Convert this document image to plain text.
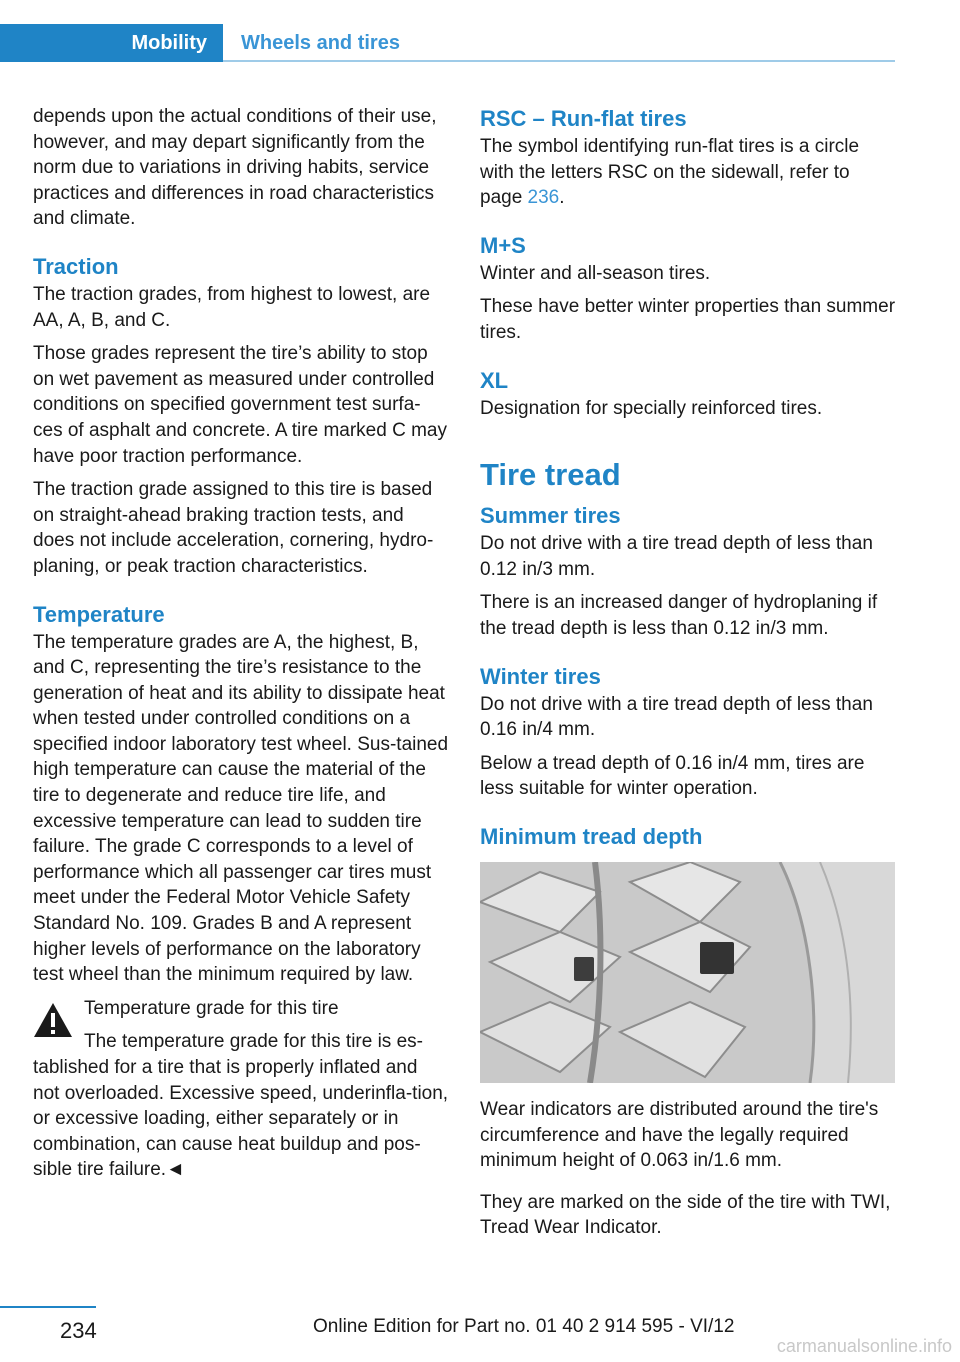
Mobility	Wheels and tires

depends upon the actual conditions of their use, however, and may depart significantly from the norm due to variations in driving habits, service practices and differences in road characteristics and climate.

Traction

The traction grades, from highest to lowest, are AA, A, B, and C.

Those grades represent the tire’s ability to stop on wet pavement as measured under controlled conditions on specified government test surfa-ces of asphalt and concrete. A tire marked C may have poor traction performance.

The traction grade assigned to this tire is based on straight-ahead braking traction tests, and does not include acceleration, cornering, hydro-planing, or peak traction characteristics.

Temperature

The temperature grades are A, the highest, B, and C, representing the tire’s resistance to the generation of heat and its ability to dissipate heat when tested under controlled conditions on a specified indoor laboratory test wheel. Sus-tained high temperature can cause the material of the tire to degenerate and reduce tire life, and excessive temperature can lead to sudden tire failure. The grade C corresponds to a level of performance which all passenger car tires must meet under the Federal Motor Vehicle Safety Standard No. 109. Grades B and A represent higher levels of performance on the laboratory test wheel than the minimum required by law.

Temperature grade for this tire

The temperature grade for this tire is es-tablished for a tire that is properly inflated and not overloaded. Excessive speed, underinfla-tion, or excessive loading, either separately or in combination, can cause heat buildup and pos-sible tire failure.◄

RSC – Run-flat tires

The symbol identifying run-flat tires is a circle with the letters RSC on the sidewall, refer to page 236.

M+S

Winter and all-season tires.

These have better winter properties than summer tires.

XL

Designation for specially reinforced tires.

Tire tread
Summer tires

Do not drive with a tire tread depth of less than 0.12 in/3 mm.

There is an increased danger of hydroplaning if the tread depth is less than 0.12 in/3 mm.

Winter tires

Do not drive with a tire tread depth of less than 0.16 in/4 mm.

Below a tread depth of 0.16 in/4 mm, tires are less suitable for winter operation.

Minimum tread depth

Wear indicators are distributed around the tire's circumference and have the legally required minimum height of 0.063 in/1.6 mm.

They are marked on the side of the tire with TWI, Tread Wear Indicator.

234	Online Edition for Part no. 01 40 2 914 595 - VI/12
carmanualsonline.info
